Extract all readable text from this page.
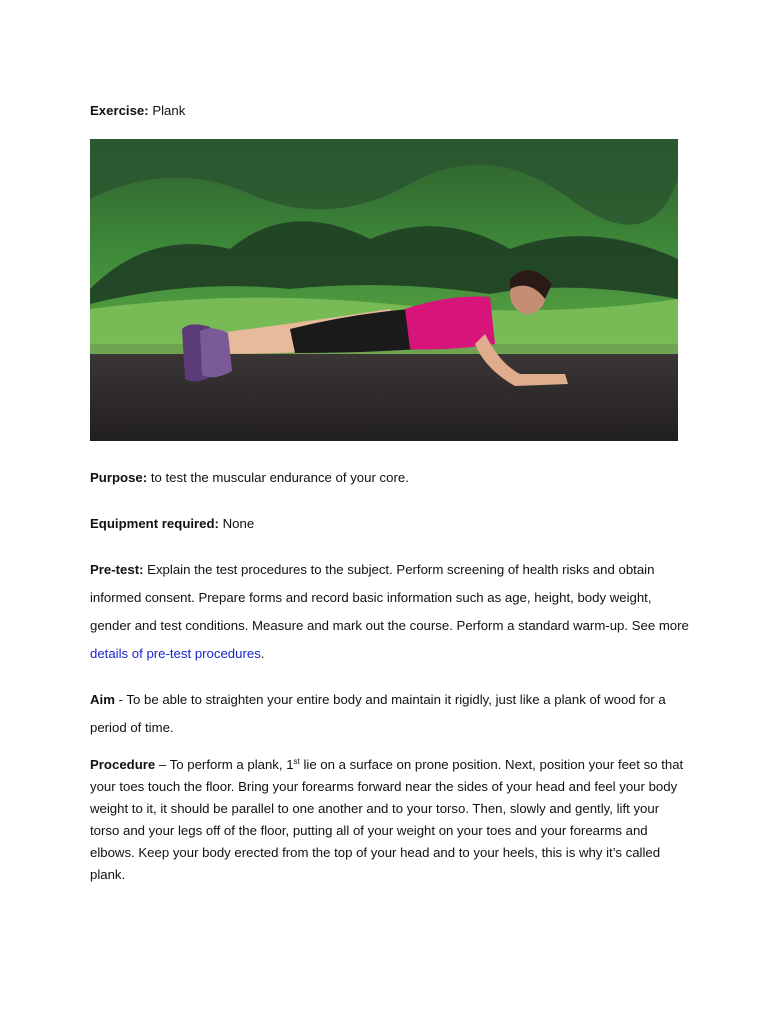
Exercise: Plank

Purpose: to test the muscular endurance of your core.

Equipment required: None

Pre-test: Explain the test procedures to the subject. Perform screening of health risks and obtain informed consent. Prepare forms and record basic information such as age, height, body weight, gender and test conditions. Measure and mark out the course. Perform a standard warm-up. See more details of pre-test procedures.

Aim - To be able to straighten your entire body and maintain it rigidly, just like a plank of wood for a period of time.

Procedure – To perform a plank, 1st lie on a surface on prone position. Next, position your feet so that your toes touch the floor. Bring your forearms forward near the sides of your head and feel your body weight to it, it should be parallel to one another and to your torso. Then, slowly and gently, lift your torso and your legs off of the floor, putting all of your weight on your toes and your forearms and elbows. Keep your body erected from the top of your head and to your heels, this is why it’s called plank.
